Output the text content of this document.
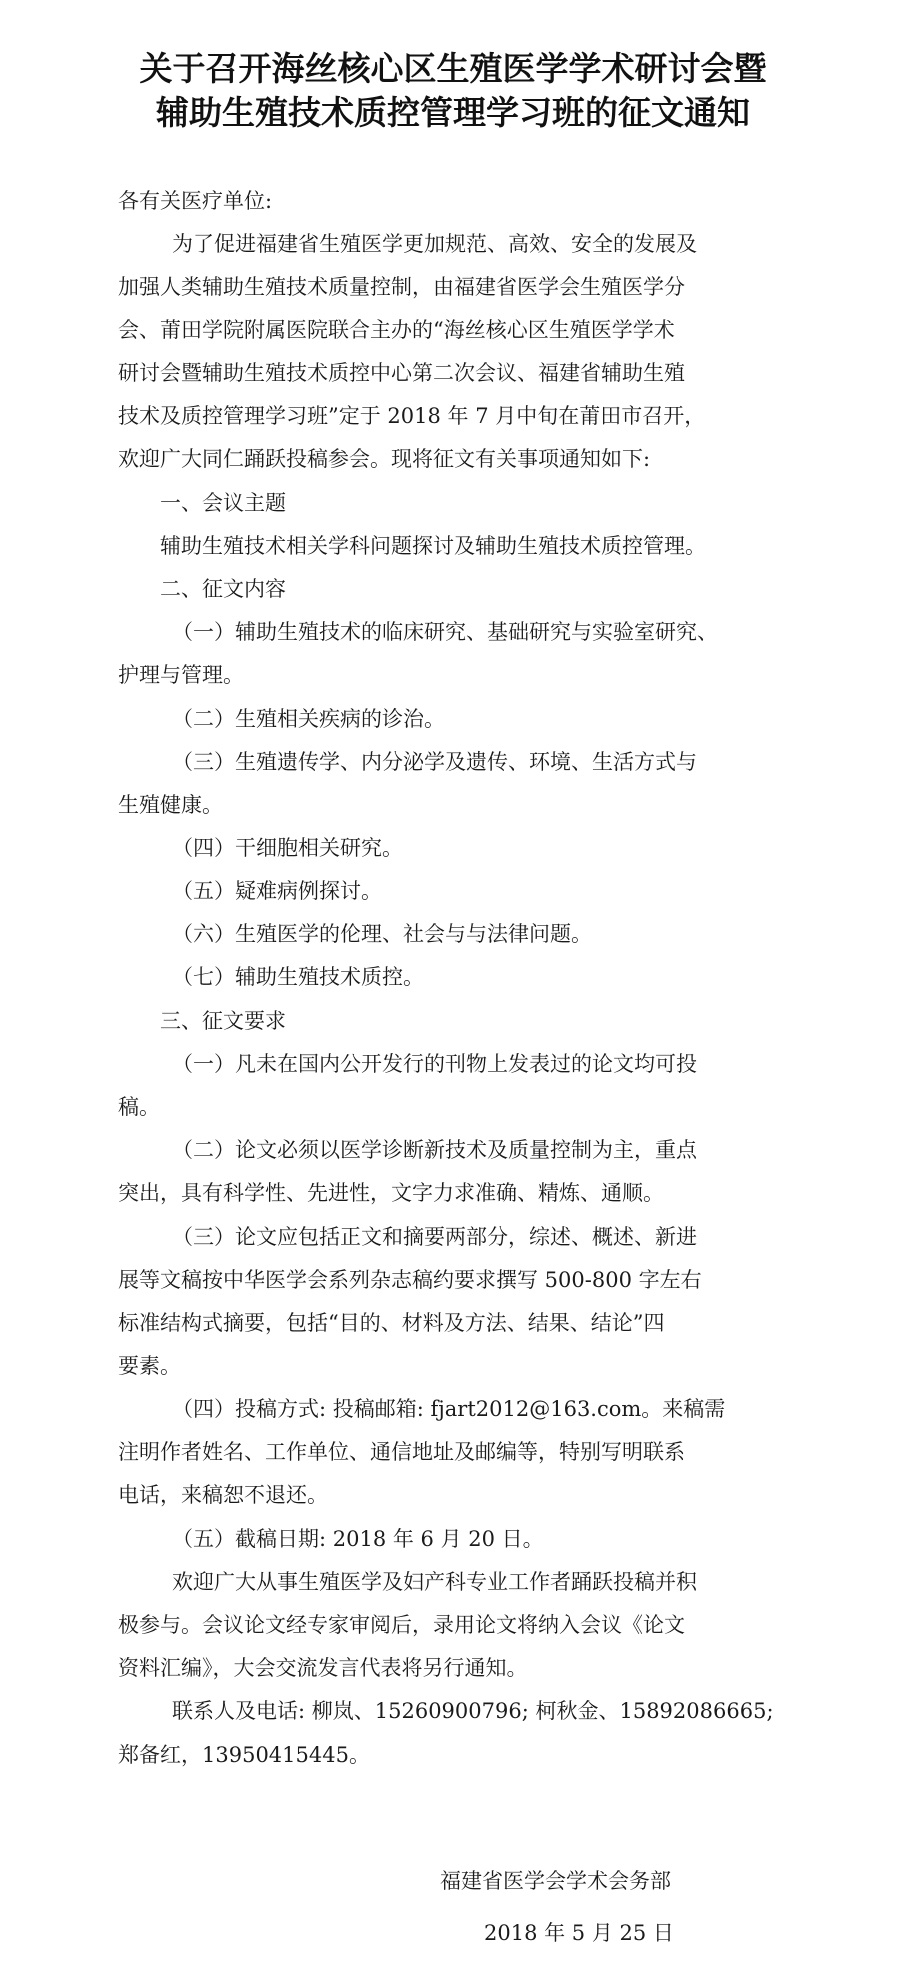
关于召开海丝核心区生殖医学学术研讨会暨
辅助生殖技术质控管理学习班的征文通知
各有关医疗单位:
为了促进福建省生殖医学更加规范、高效、安全的发展及
加强人类辅助生殖技术质量控制，由福建省医学会生殖医学分
会、莆田学院附属医院联合主办的“海丝核心区生殖医学学术
研讨会暨辅助生殖技术质控中心第二次会议、福建省辅助生殖
技术及质控管理学习班”定于 2018 年 7 月中旬在莆田市召开，
欢迎广大同仁踊跃投稿参会。现将征文有关事项通知如下:
一、会议主题
辅助生殖技术相关学科问题探讨及辅助生殖技术质控管理。
二、征文内容
（一）辅助生殖技术的临床研究、基础研究与实验室研究、
护理与管理。
（二）生殖相关疾病的诊治。
（三）生殖遗传学、内分泌学及遗传、环境、生活方式与
生殖健康。
（四）干细胞相关研究。
（五）疑难病例探讨。
（六）生殖医学的伦理、社会与与法律问题。
（七）辅助生殖技术质控。
三、征文要求
（一）凡未在国内公开发行的刊物上发表过的论文均可投
稿。
（二）论文必须以医学诊断新技术及质量控制为主，重点
突出，具有科学性、先进性，文字力求准确、精炼、通顺。
（三）论文应包括正文和摘要两部分，综述、概述、新进
展等文稿按中华医学会系列杂志稿约要求撰写 500-800 字左右
标准结构式摘要，包括“目的、材料及方法、结果、结论”四
要素。
（四）投稿方式: 投稿邮箱: fjart2012@163.com。来稿需
注明作者姓名、工作单位、通信地址及邮编等，特别写明联系
电话，来稿恕不退还。
（五）截稿日期: 2018 年 6 月 20 日。
欢迎广大从事生殖医学及妇产科专业工作者踊跃投稿并积
极参与。会议论文经专家审阅后，录用论文将纳入会议《论文
资料汇编》，大会交流发言代表将另行通知。
联系人及电话: 柳岚、15260900796; 柯秋金、15892086665;
郑备红，13950415445。
福建省医学会学术会务部
2018 年 5 月 25 日
